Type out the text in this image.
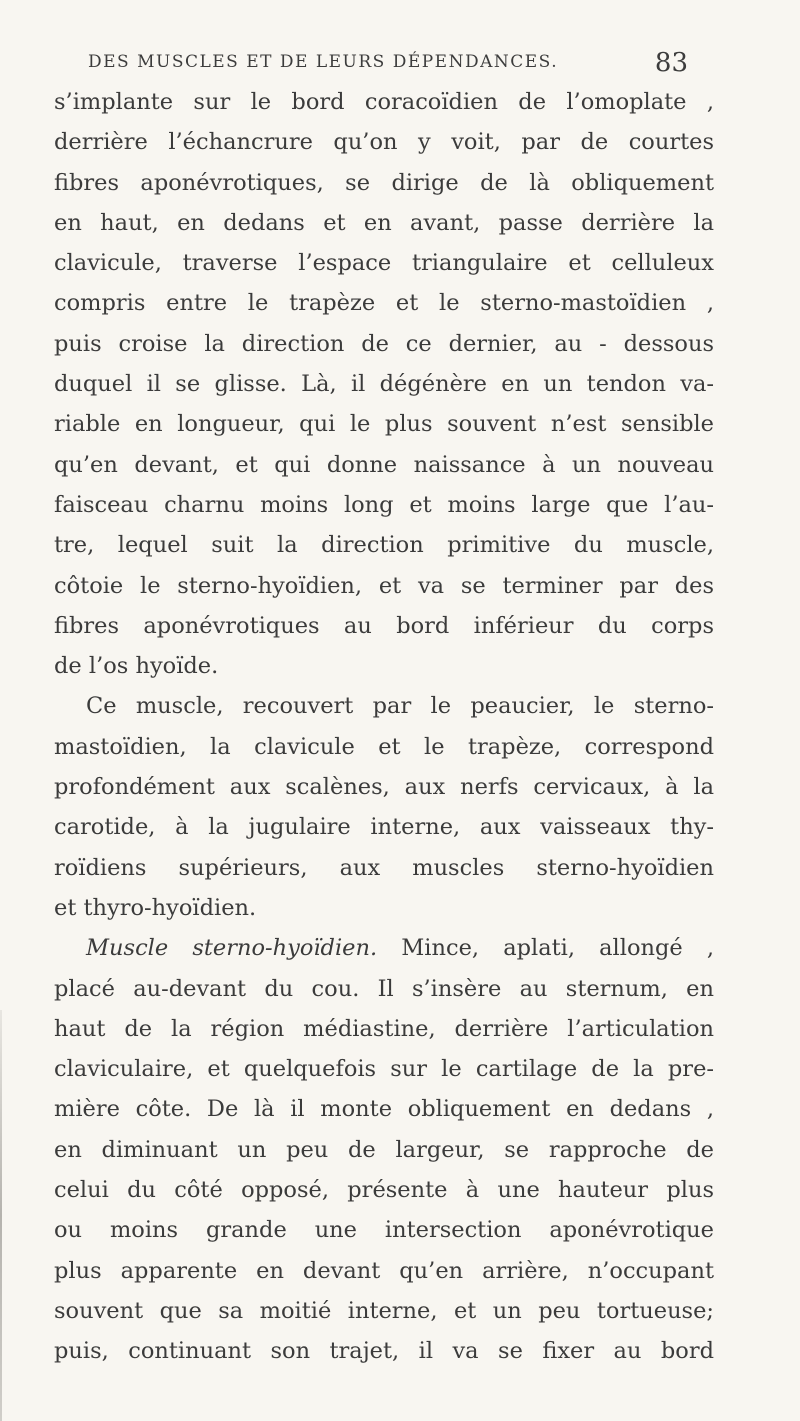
DES MUSCLES ET DE LEURS DÉPENDANCES.	83
s’implante sur le bord coracoïdien de l’omoplate ,
derrière l’échancrure qu’on y voit, par de courtes
fibres aponévrotiques, se dirige de là obliquement
en haut, en dedans et en avant, passe derrière la
clavicule, traverse l’espace triangulaire et celluleux
compris entre le trapèze et le sterno-mastoïdien ,
puis croise la direction de ce dernier, au - dessous
duquel il se glisse. Là, il dégénère en un tendon va-
riable en longueur, qui le plus souvent n’est sensible
qu’en devant, et qui donne naissance à un nouveau
faisceau charnu moins long et moins large que l’au-
tre, lequel suit la direction primitive du muscle,
côtoie le sterno-hyoïdien, et va se terminer par des
fibres aponévrotiques au bord inférieur du corps
de l’os hyoïde.
Ce muscle, recouvert par le peaucier, le sterno-
mastoïdien, la clavicule et le trapèze, correspond
profondément aux scalènes, aux nerfs cervicaux, à la
carotide, à la jugulaire interne, aux vaisseaux thy-
roïdiens supérieurs, aux muscles sterno-hyoïdien
et thyro-hyoïdien.
Muscle sterno-hyoïdien. Mince, aplati, allongé ,
placé au-devant du cou. Il s’insère au sternum, en
haut de la région médiastine, derrière l’articulation
claviculaire, et quelquefois sur le cartilage de la pre-
mière côte. De là il monte obliquement en dedans ,
en diminuant un peu de largeur, se rapproche de
celui du côté opposé, présente à une hauteur plus
ou moins grande une intersection aponévrotique
plus apparente en devant qu’en arrière, n’occupant
souvent que sa moitié interne, et un peu tortueuse;
puis, continuant son trajet, il va se fixer au bord
